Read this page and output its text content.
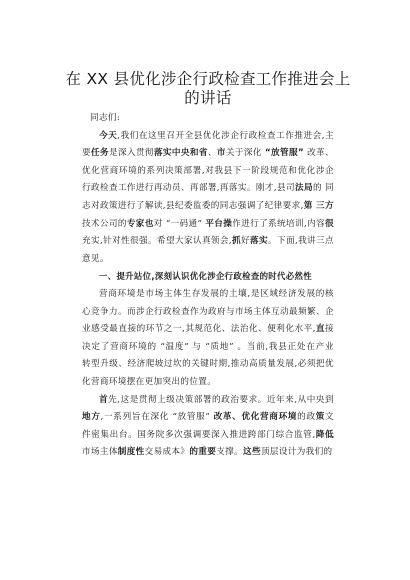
在 XX 县优化涉企行政检查工作推进会上的讲话

同志们:

今天,我们在这里召开全县优化涉企行政检查工作推进会,主要任务是深入贯彻落实中央和省、市关于深化 “放管服” 改革、优化营商环境的系列决策部署,对我县下一阶段规范和优化涉企 行政检查工作进行再动员、再部署,再落实。刚才,县司法局的 同志对政策进行了解读,县纪委监委的同志强调了纪律要求,第 三方技术公司的专家也对 “一码通” 平台操作进行了系统培训,内容很充实,针对性很强。希望大家认真领会,抓好落实。下面,我讲三点意见。

一、提升站位,深刻认识优化涉企行政检查的时代必然性

营商环境是市场主体生存发展的土壤,是区域经济发展的核心竞争力。而涉企行政检查作为政府与市场主体互动最频繁、企业感受最直接的环节之一,其规范化、法治化、便利化水平,直接决定了营商环境的 “温度” 与 “质地” 。当前,我县正处在产业 转型升级、经济爬坡过坎的关键时期,推动高质量发展,必须把优 化营商环境摆在更加突出的位置。

首先,这是贯彻上级决策部署的政治要求。近年来,从中央到地方,一系列旨在深化 “放管服” 改革、优化营商环境的政策文 件密集出台。国务院多次强调要深入推进跨部门综合监管,降低 市场主体制度性交易成本》的重要支撑。这些顶层设计为我们的
